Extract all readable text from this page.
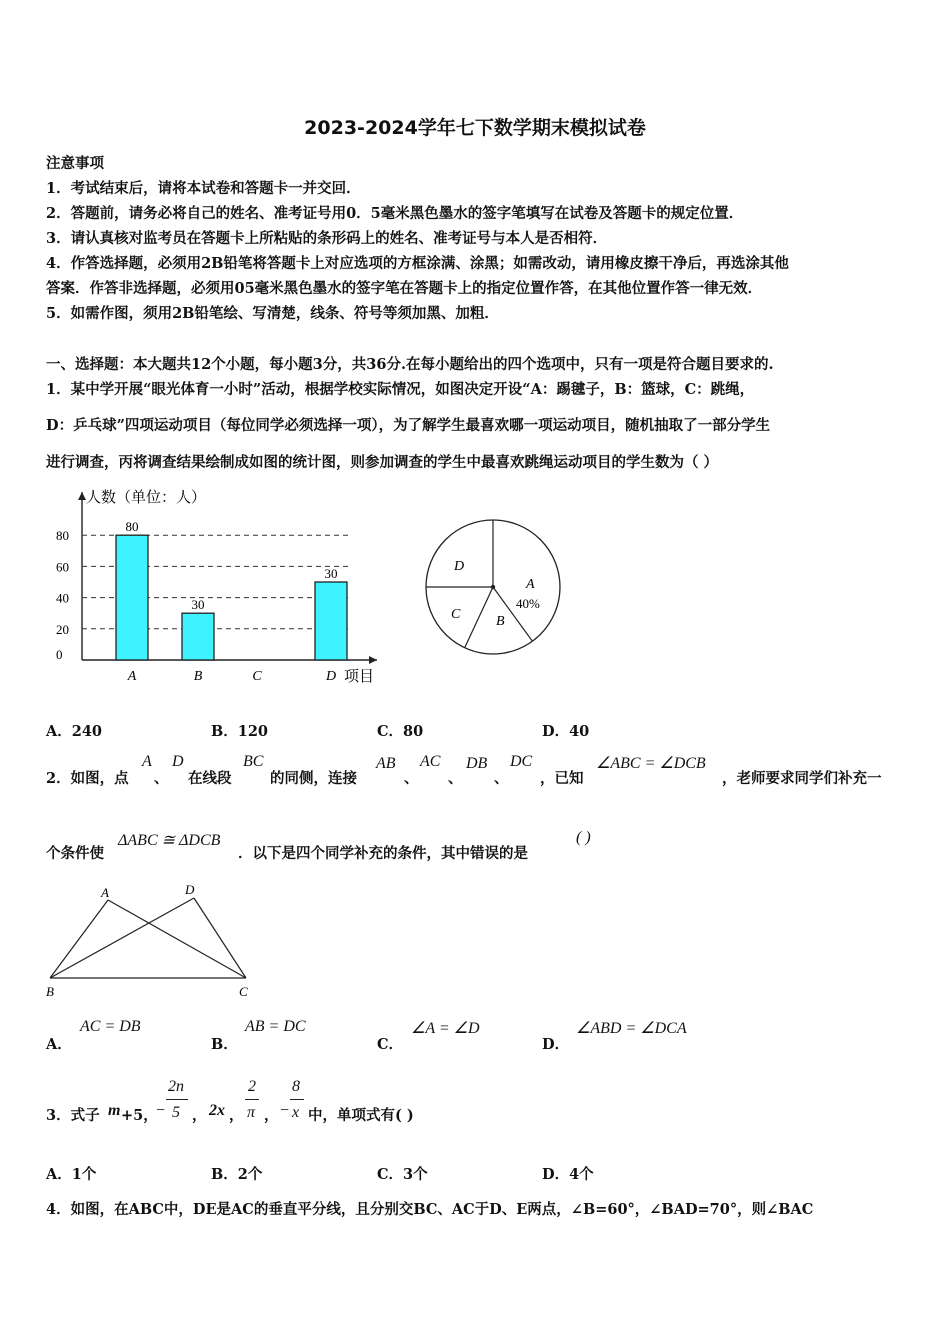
2023-2024学年七下数学期末模拟试卷
注意事项
1．考试结束后，请将本试卷和答题卡一并交回．
2．答题前，请务必将自己的姓名、准考证号用0．5毫米黑色墨水的签字笔填写在试卷及答题卡的规定位置．
3．请认真核对监考员在答题卡上所粘贴的条形码上的姓名、准考证号与本人是否相符．
4．作答选择题，必须用2B铅笔将答题卡上对应选项的方框涂满、涂黑；如需改动，请用橡皮擦干净后，再选涂其他
答案．作答非选择题，必须用05毫米黑色墨水的签字笔在答题卡上的指定位置作答，在其他位置作答一律无效．
5．如需作图，须用2B铅笔绘、写清楚，线条、符号等须加黑、加粗．
一、选择题：本大题共12个小题，每小题3分，共36分.在每小题给出的四个选项中，只有一项是符合题目要求的.
1．某中学开展“眼光体育一小时”活动，根据学校实际情况，如图决定开设“A：踢毽子，B：篮球，C：跳绳，
D：乒乓球”四项运动项目（每位同学必须选择一项），为了解学生最喜欢哪一项运动项目，随机抽取了一部分学生
进行调查，丙将调查结果绘制成如图的统计图，则参加调查的学生中最喜欢跳绳运动项目的学生数为（ ）
0
20
40
60
80
人数（单位：人）
80
A
30
B	C
30
D 项目
A
B
C
D
40%
A．240	B．120	C．80	D．40
2．如图，点
A
、
D
在线段
BC
的同侧，连接
AB
、
AC
、
DB
、
DC
，已知
∠ABC = ∠DCB
，老师要求同学们补充一
个条件使
ΔABC ≅ ΔDCB
．以下是四个同学补充的条件，其中错误的是
( )
A	D
B	C
A．
AC = DB
B．
AB = DC
C．
∠A = ∠D
D．
∠ABD = ∠DCA
3．式子 m +5，
−
2n
5 ， 2x ，
2
π ， −
8
x 中，单项式有( )
A．1个	B．2个	C．3个	D．4个
4．如图，在ABC中，DE是AC的垂直平分线，且分别交BC、AC于D、E两点，∠B=60°，∠BAD=70°，则∠BAC
